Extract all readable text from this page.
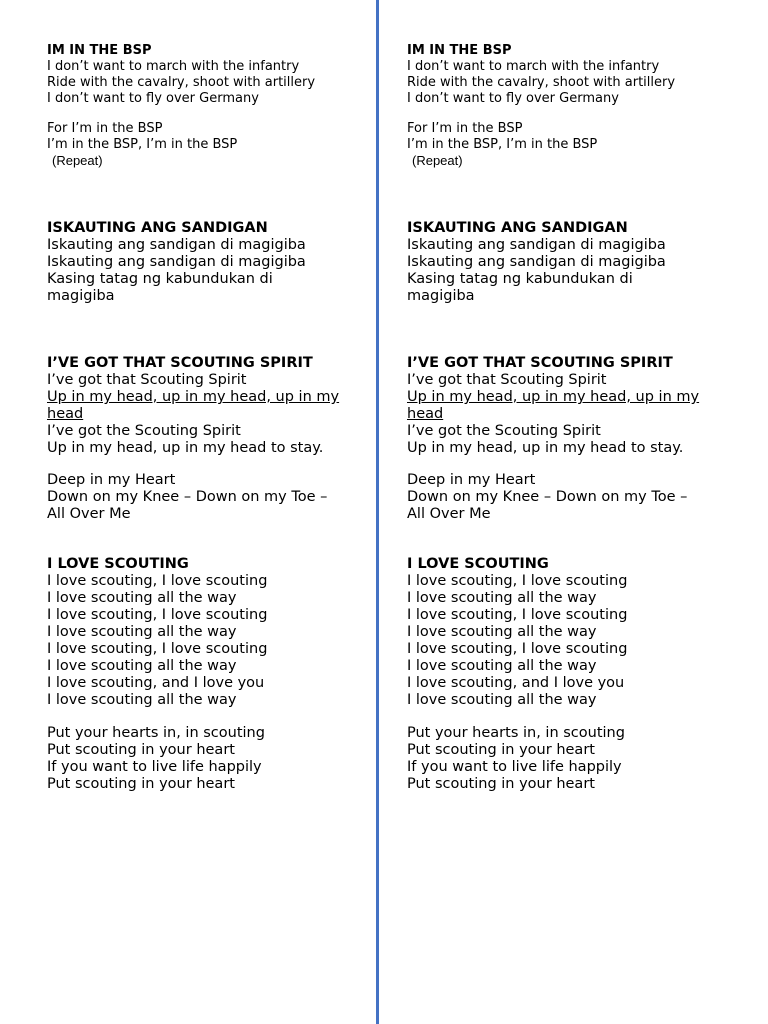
IM IN THE BSP

I don’t want to march with the infantry

Ride with the cavalry, shoot with artillery

I don’t want to fly over Germany

For I’m in the BSP

I’m in the BSP, I’m in the BSP

(Repeat)

ISKAUTING ANG SANDIGAN

Iskauting ang sandigan di magigiba

Iskauting ang sandigan di magigiba

Kasing tatag ng kabundukan di

magigiba

I’VE GOT THAT SCOUTING SPIRIT

I’ve got that Scouting Spirit

Up in my head, up in my head, up in my head

I’ve got the Scouting Spirit

Up in my head, up in my head to stay.

Deep in my Heart

Down on my Knee – Down on my Toe –

All Over Me

I LOVE SCOUTING

I love scouting, I love scouting

I love scouting all the way

I love scouting, I love scouting

I love scouting all the way

I love scouting, I love scouting

I love scouting all the way

I love scouting, and I love you

I love scouting all the way

Put your hearts in, in scouting

Put scouting in your heart

If you want to live life happily

Put scouting in your heart

IM IN THE BSP

I don’t want to march with the infantry

Ride with the cavalry, shoot with artillery

I don’t want to fly over Germany

For I’m in the BSP

I’m in the BSP, I’m in the BSP

(Repeat)

ISKAUTING ANG SANDIGAN

Iskauting ang sandigan di magigiba

Iskauting ang sandigan di magigiba

Kasing tatag ng kabundukan di

magigiba

I’VE GOT THAT SCOUTING SPIRIT

I’ve got that Scouting Spirit

Up in my head, up in my head, up in my head

I’ve got the Scouting Spirit

Up in my head, up in my head to stay.

Deep in my Heart

Down on my Knee – Down on my Toe –

All Over Me

I LOVE SCOUTING

I love scouting, I love scouting

I love scouting all the way

I love scouting, I love scouting

I love scouting all the way

I love scouting, I love scouting

I love scouting all the way

I love scouting, and I love you

I love scouting all the way

Put your hearts in, in scouting

Put scouting in your heart

If you want to live life happily

Put scouting in your heart
